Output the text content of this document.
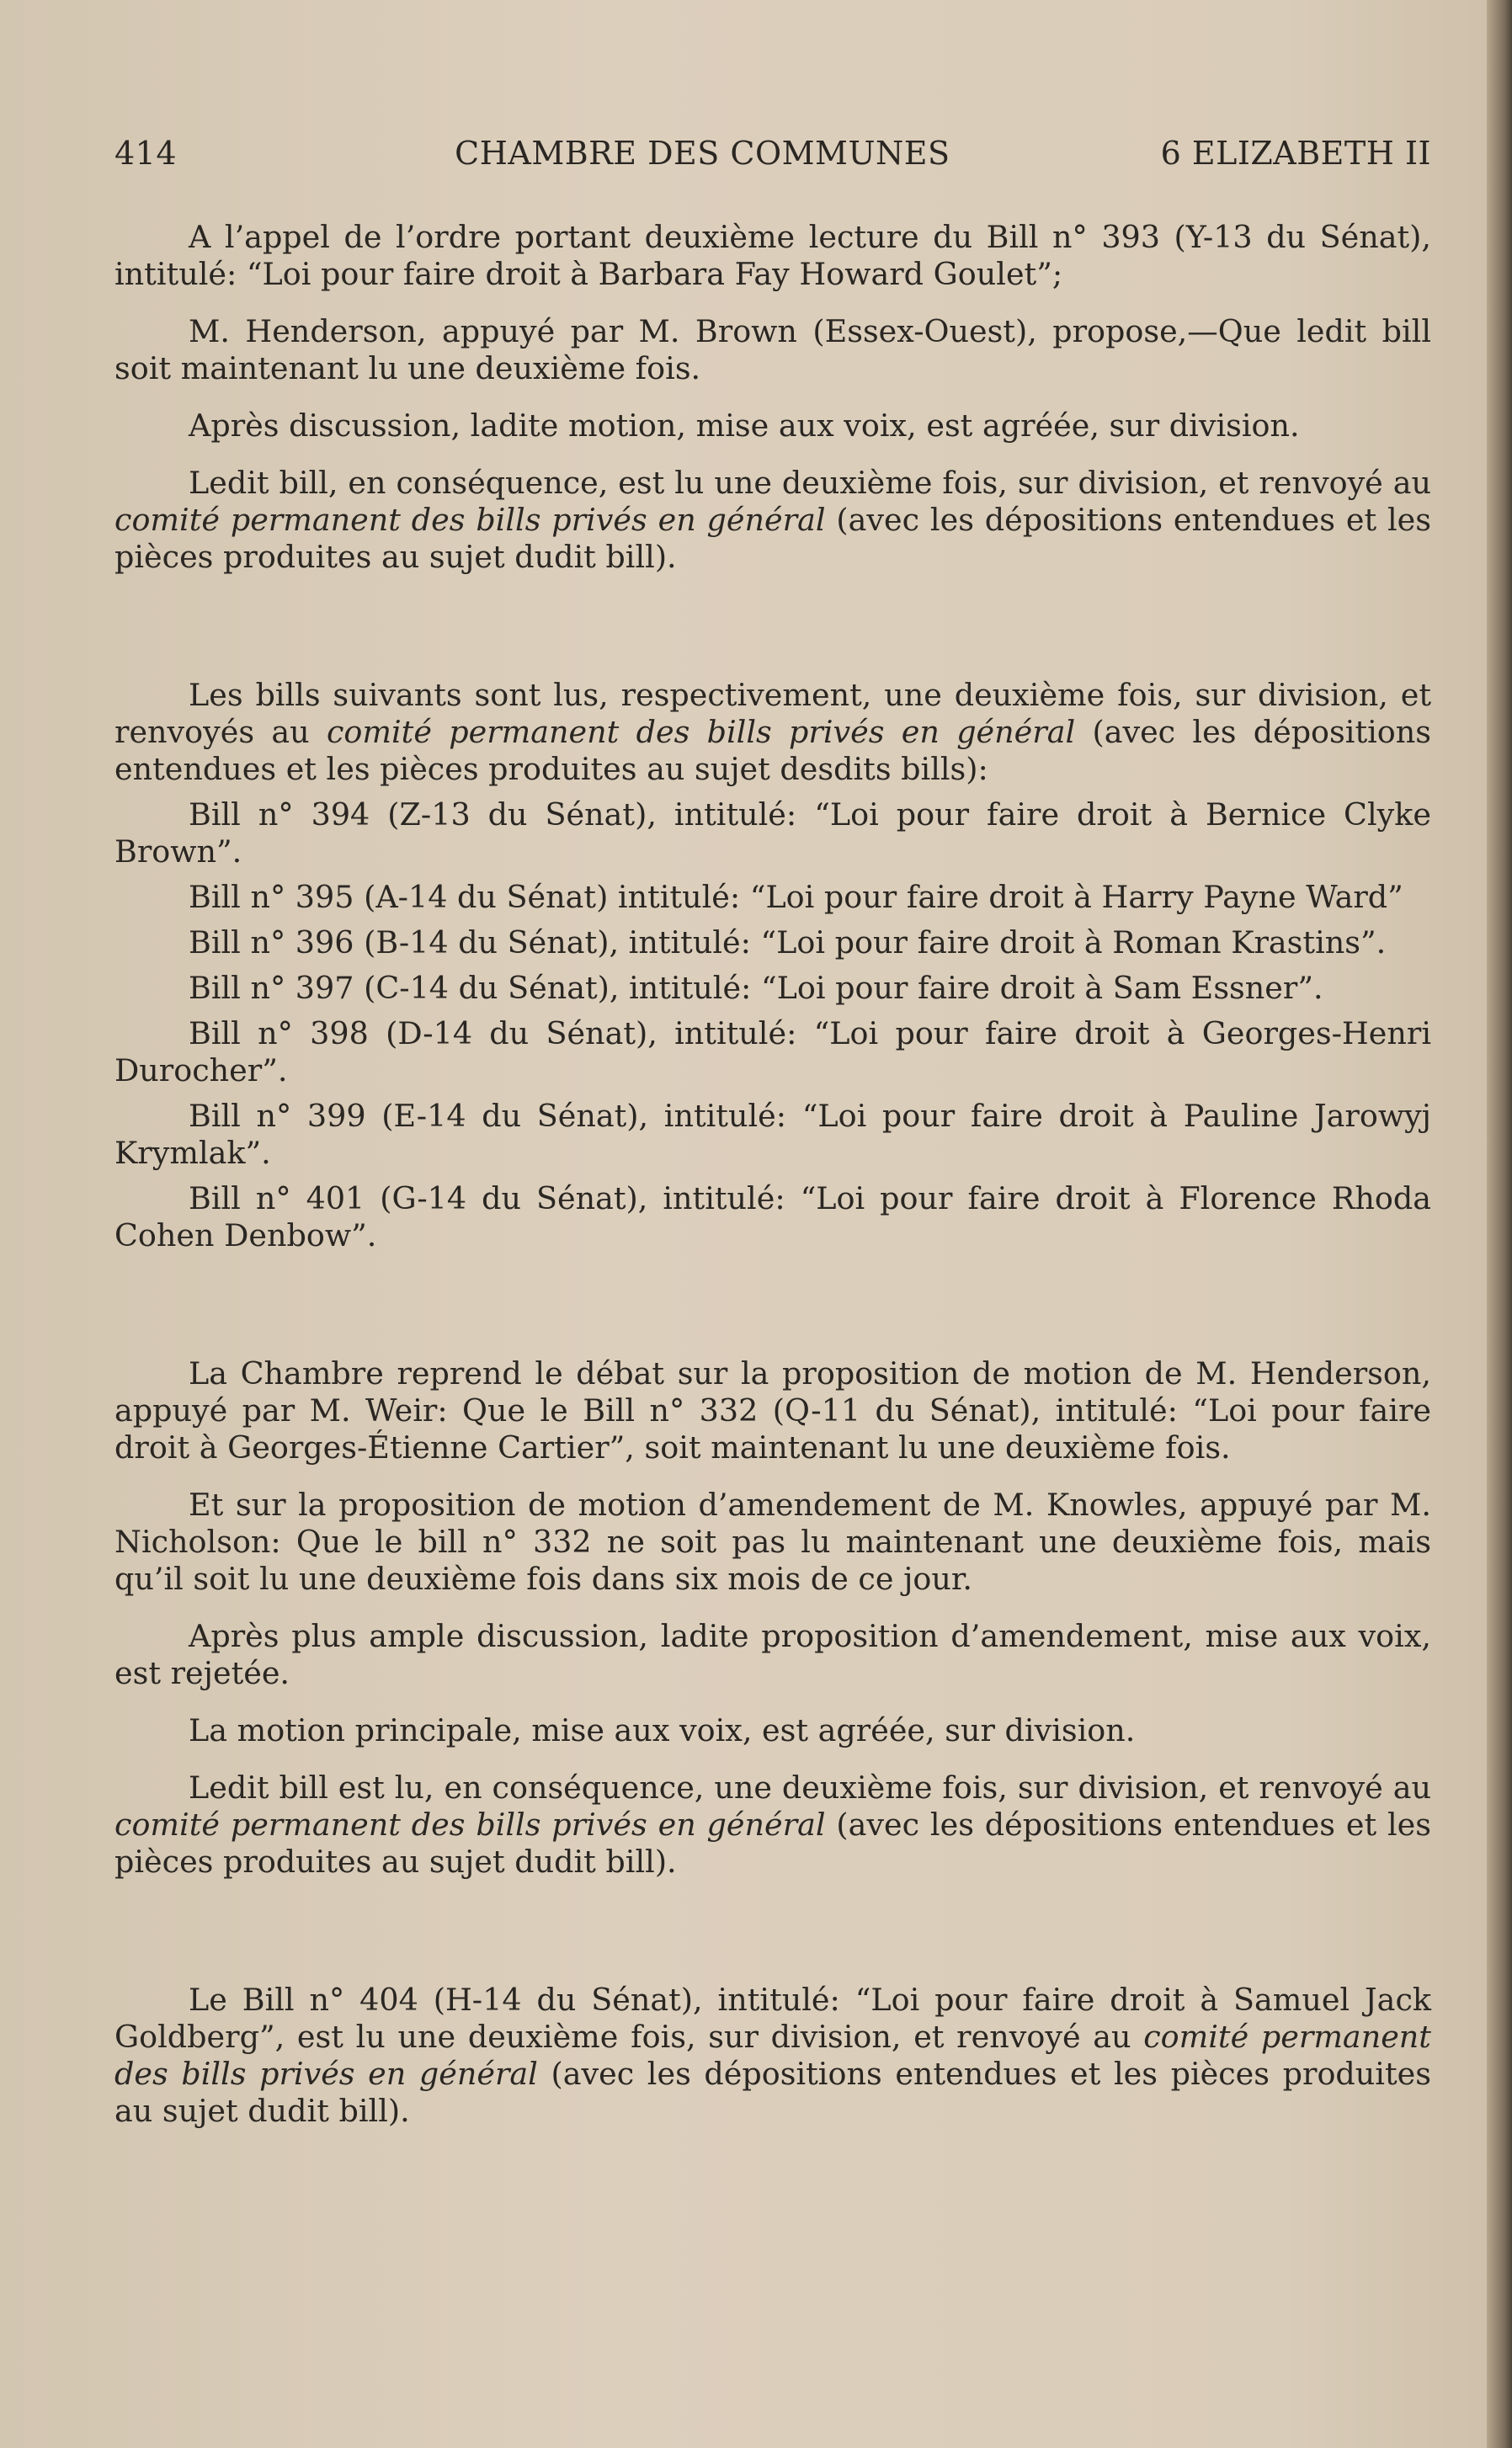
414	CHAMBRE DES COMMUNES	6 ELIZABETH II

A l’appel de l’ordre portant deuxième lecture du Bill n° 393 (Y-13 du Sénat), intitulé: “Loi pour faire droit à Barbara Fay Howard Goulet”;

M. Henderson, appuyé par M. Brown (Essex-Ouest), propose,—Que ledit bill soit maintenant lu une deuxième fois.

Après discussion, ladite motion, mise aux voix, est agréée, sur division.

Ledit bill, en conséquence, est lu une deuxième fois, sur division, et renvoyé au comité permanent des bills privés en général (avec les dépositions entendues et les pièces produites au sujet dudit bill).

Les bills suivants sont lus, respectivement, une deuxième fois, sur division, et renvoyés au comité permanent des bills privés en général (avec les dépositions entendues et les pièces produites au sujet desdits bills):

Bill n° 394 (Z-13 du Sénat), intitulé: “Loi pour faire droit à Bernice Clyke Brown”.

Bill n° 395 (A-14 du Sénat) intitulé: “Loi pour faire droit à Harry Payne Ward”

Bill n° 396 (B-14 du Sénat), intitulé: “Loi pour faire droit à Roman Krastins”.

Bill n° 397 (C-14 du Sénat), intitulé: “Loi pour faire droit à Sam Essner”.

Bill n° 398 (D-14 du Sénat), intitulé: “Loi pour faire droit à Georges-Henri Durocher”.

Bill n° 399 (E-14 du Sénat), intitulé: “Loi pour faire droit à Pauline Jarowyj Krymlak”.

Bill n° 401 (G-14 du Sénat), intitulé: “Loi pour faire droit à Florence Rhoda Cohen Denbow”.

La Chambre reprend le débat sur la proposition de motion de M. Henderson, appuyé par M. Weir: Que le Bill n° 332 (Q-11 du Sénat), intitulé: “Loi pour faire droit à Georges-Étienne Cartier”, soit maintenant lu une deuxième fois.

Et sur la proposition de motion d’amendement de M. Knowles, appuyé par M. Nicholson: Que le bill n° 332 ne soit pas lu maintenant une deuxième fois, mais qu’il soit lu une deuxième fois dans six mois de ce jour.

Après plus ample discussion, ladite proposition d’amendement, mise aux voix, est rejetée.

La motion principale, mise aux voix, est agréée, sur division.

Ledit bill est lu, en conséquence, une deuxième fois, sur division, et renvoyé au comité permanent des bills privés en général (avec les dépositions entendues et les pièces produites au sujet dudit bill).

Le Bill n° 404 (H-14 du Sénat), intitulé: “Loi pour faire droit à Samuel Jack Goldberg”, est lu une deuxième fois, sur division, et renvoyé au comité permanent des bills privés en général (avec les dépositions entendues et les pièces produites au sujet dudit bill).
